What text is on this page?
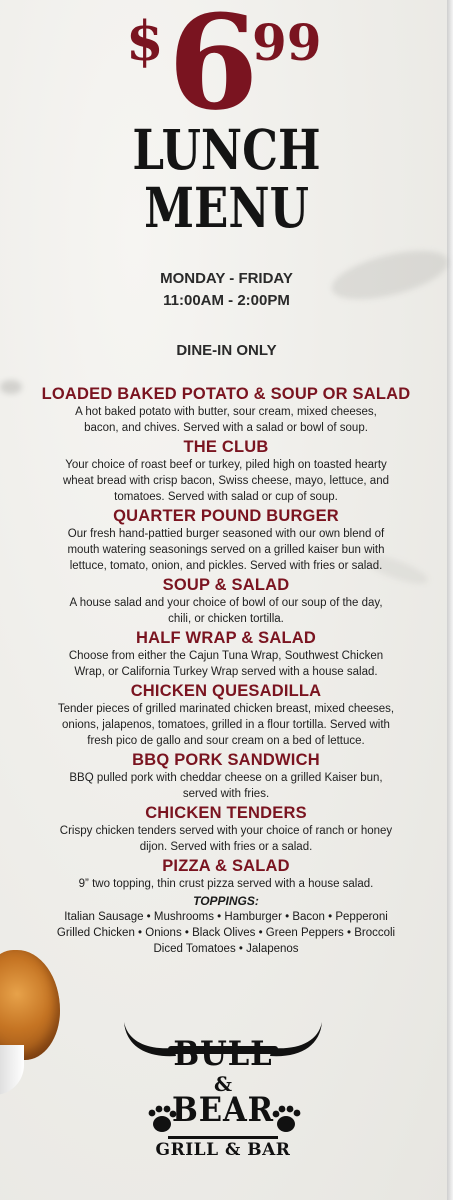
$ 6
99
LUNCH
MENU
MONDAY - FRIDAY
11:00AM - 2:00PM
DINE-IN ONLY
LOADED BAKED POTATO & SOUP OR SALAD

A hot baked potato with butter, sour cream, mixed cheeses,
bacon, and chives. Served with a salad or bowl of soup.

THE CLUB

Your choice of roast beef or turkey, piled high on toasted hearty
wheat bread with crisp bacon, Swiss cheese, mayo, lettuce, and
tomatoes. Served with salad or cup of soup.

QUARTER POUND BURGER

Our fresh hand-pattied burger seasoned with our own blend of
mouth watering seasonings served on a grilled kaiser bun with
lettuce, tomato, onion, and pickles. Served with fries or salad.

SOUP & SALAD

A house salad and your choice of bowl of our soup of the day,
chili, or chicken tortilla.

HALF WRAP & SALAD

Choose from either the Cajun Tuna Wrap, Southwest Chicken
Wrap, or California Turkey Wrap served with a house salad.

CHICKEN QUESADILLA

Tender pieces of grilled marinated chicken breast, mixed cheeses,
onions, jalapenos, tomatoes, grilled in a flour tortilla. Served with
fresh pico de gallo and sour cream on a bed of lettuce.

BBQ PORK SANDWICH

BBQ pulled pork with cheddar cheese on a grilled Kaiser bun,
served with fries.

CHICKEN TENDERS

Crispy chicken tenders served with your choice of ranch or honey
dijon. Served with fries or a salad.

PIZZA & SALAD

9” two topping, thin crust pizza served with a house salad.

TOPPINGS:
Italian Sausage • Mushrooms • Hamburger • Bacon • Pepperoni
Grilled Chicken • Onions • Black Olives • Green Peppers • Broccoli
Diced Tomatoes • Jalapenos
BULL
&
BEAR
GRILL & BAR
